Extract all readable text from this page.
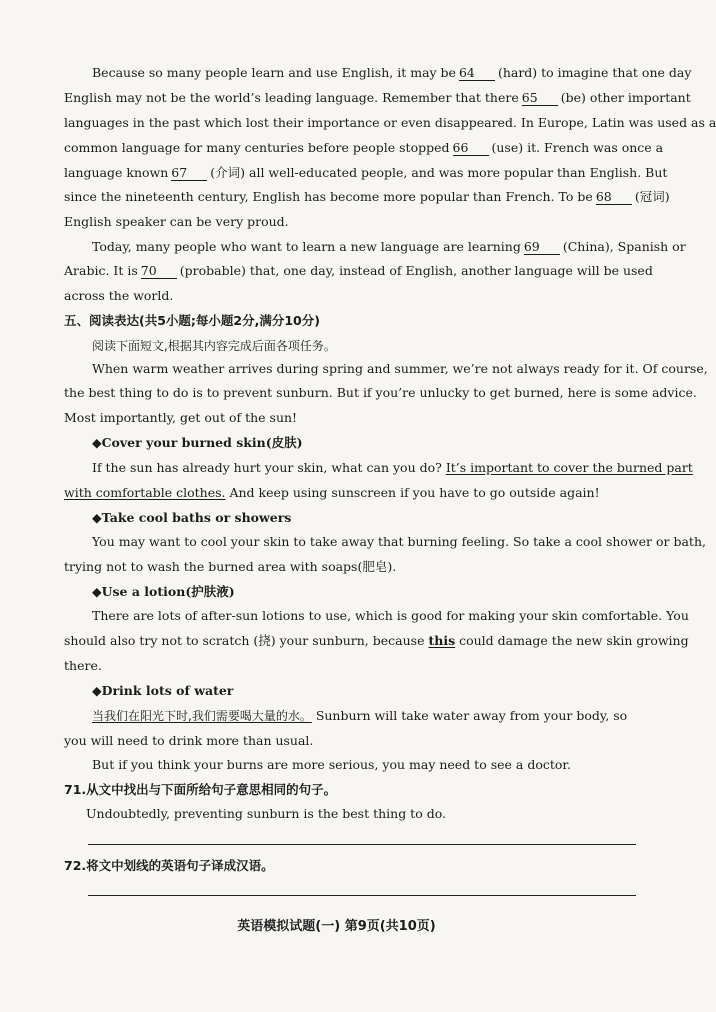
Because so many people learn and use English, it may be 64 (hard) to imagine that one day
English may not be the world’s leading language. Remember that there 65 (be) other important
languages in the past which lost their importance or even disappeared. In Europe, Latin was used as a
common language for many centuries before people stopped 66 (use) it. French was once a
language known 67 (介词) all well-educated people, and was more popular than English. But
since the nineteenth century, English has become more popular than French. To be 68 (冠词)
English speaker can be very proud.
Today, many people who want to learn a new language are learning 69 (China), Spanish or
Arabic. It is 70 (probable) that, one day, instead of English, another language will be used
across the world.
五、阅读表达(共5小题;每小题2分,满分10分)
阅读下面短文,根据其内容完成后面各项任务。
When warm weather arrives during spring and summer, we’re not always ready for it. Of course,
the best thing to do is to prevent sunburn. But if you’re unlucky to get burned, here is some advice.
Most importantly, get out of the sun!
◆Cover your burned skin(皮肤)
If the sun has already hurt your skin, what can you do? It’s important to cover the burned part
with comfortable clothes. And keep using sunscreen if you have to go outside again!
◆Take cool baths or showers
You may want to cool your skin to take away that burning feeling. So take a cool shower or bath,
trying not to wash the burned area with soaps(肥皂).
◆Use a lotion(护肤液)
There are lots of after-sun lotions to use, which is good for making your skin comfortable. You
should also try not to scratch (挠) your sunburn, because this could damage the new skin growing
there.
◆Drink lots of water
当我们在阳光下时,我们需要喝大量的水。 Sunburn will take water away from your body, so
you will need to drink more than usual.
But if you think your burns are more serious, you may need to see a doctor.
71.从文中找出与下面所给句子意思相同的句子。
Undoubtedly, preventing sunburn is the best thing to do.
72.将文中划线的英语句子译成汉语。
英语模拟试题(一) 第9页(共10页)
